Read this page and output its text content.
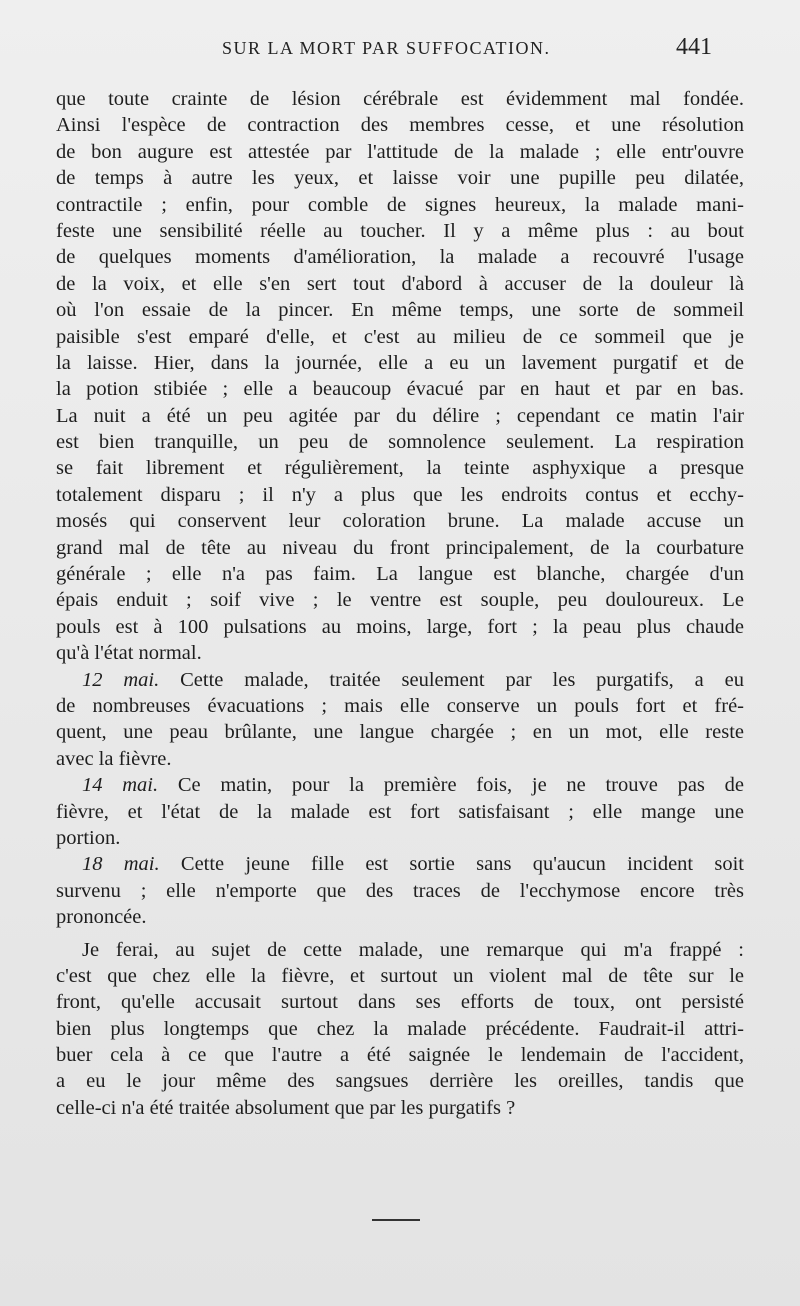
SUR LA MORT PAR SUFFOCATION.	441
que toute crainte de lésion cérébrale est évidemment mal fondée.
Ainsi l'espèce de contraction des membres cesse, et une résolution
de bon augure est attestée par l'attitude de la malade ; elle entr'ouvre
de temps à autre les yeux, et laisse voir une pupille peu dilatée,
contractile ; enfin, pour comble de signes heureux, la malade mani-
feste une sensibilité réelle au toucher. Il y a même plus : au bout
de quelques moments d'amélioration, la malade a recouvré l'usage
de la voix, et elle s'en sert tout d'abord à accuser de la douleur là
où l'on essaie de la pincer. En même temps, une sorte de sommeil
paisible s'est emparé d'elle, et c'est au milieu de ce sommeil que je
la laisse. Hier, dans la journée, elle a eu un lavement purgatif et de
la potion stibiée ; elle a beaucoup évacué par en haut et par en bas.
La nuit a été un peu agitée par du délire ; cependant ce matin l'air
est bien tranquille, un peu de somnolence seulement. La respiration
se fait librement et régulièrement, la teinte asphyxique a presque
totalement disparu ; il n'y a plus que les endroits contus et ecchy-
mosés qui conservent leur coloration brune. La malade accuse un
grand mal de tête au niveau du front principalement, de la courbature
générale ; elle n'a pas faim. La langue est blanche, chargée d'un
épais enduit ; soif vive ; le ventre est souple, peu douloureux. Le
pouls est à 100 pulsations au moins, large, fort ; la peau plus chaude
qu'à l'état normal.
12 mai. Cette malade, traitée seulement par les purgatifs, a eu
de nombreuses évacuations ; mais elle conserve un pouls fort et fré-
quent, une peau brûlante, une langue chargée ; en un mot, elle reste
avec la fièvre.
14 mai. Ce matin, pour la première fois, je ne trouve pas de
fièvre, et l'état de la malade est fort satisfaisant ; elle mange une
portion.
18 mai. Cette jeune fille est sortie sans qu'aucun incident soit
survenu ; elle n'emporte que des traces de l'ecchymose encore très
prononcée.
Je ferai, au sujet de cette malade, une remarque qui m'a frappé :
c'est que chez elle la fièvre, et surtout un violent mal de tête sur le
front, qu'elle accusait surtout dans ses efforts de toux, ont persisté
bien plus longtemps que chez la malade précédente. Faudrait-il attri-
buer cela à ce que l'autre a été saignée le lendemain de l'accident,
a eu le jour même des sangsues derrière les oreilles, tandis que
celle-ci n'a été traitée absolument que par les purgatifs ?
